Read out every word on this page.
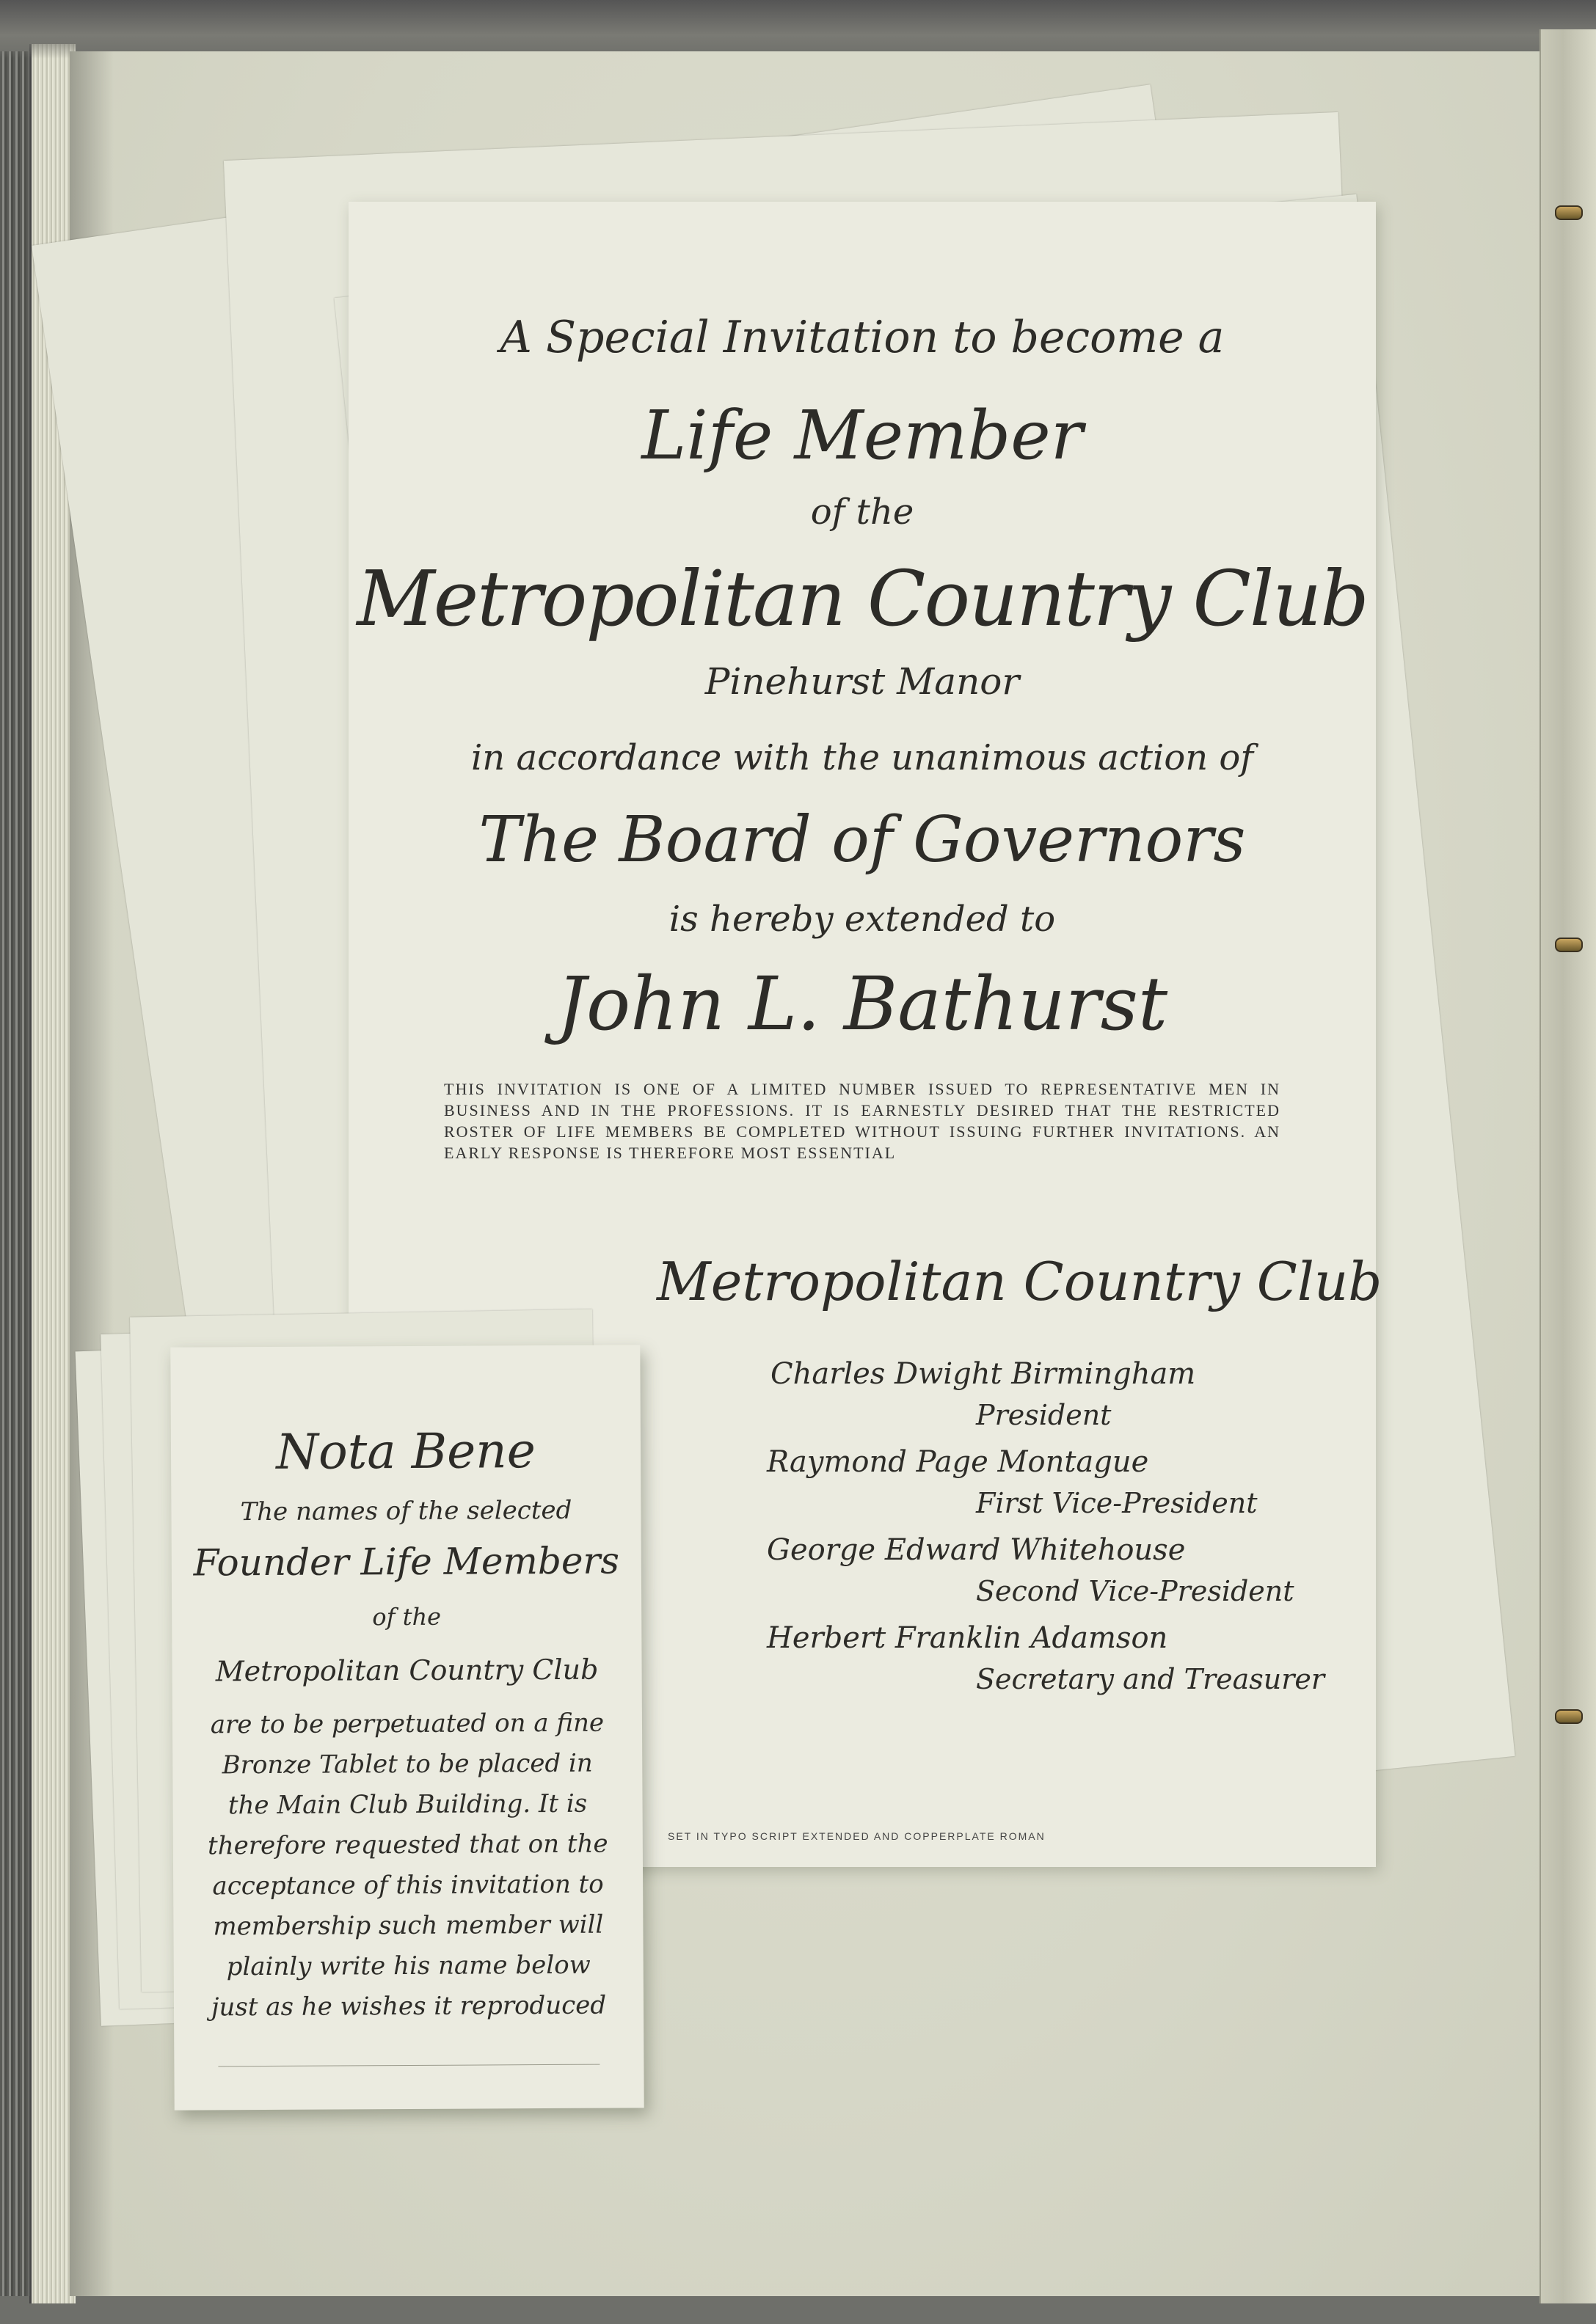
A Special Invitation to become a
Life Member
of the
Metropolitan Country Club
Pinehurst Manor
in accordance with the unanimous action of
The Board of Governors
is hereby extended to
John L. Bathurst
THIS INVITATION IS ONE OF A LIMITED NUMBER ISSUED TO REPRESENTATIVE MEN IN BUSINESS AND IN THE PROFESSIONS. IT IS EARNESTLY DESIRED THAT THE RESTRICTED ROSTER OF LIFE MEMBERS BE COMPLETED WITHOUT ISSUING FURTHER INVITATIONS. AN EARLY RESPONSE IS THEREFORE MOST ESSENTIAL
Metropolitan Country Club
Charles Dwight Birmingham
President
Raymond Page Montague
First Vice-President
George Edward Whitehouse
Second Vice-President
Herbert Franklin Adamson
Secretary and Treasurer
SET IN TYPO SCRIPT EXTENDED AND COPPERPLATE ROMAN
Nota Bene
The names of the selected
Founder Life Members
of the
Metropolitan Country Club
are to be perpetuated on a fine
Bronze Tablet to be placed in
the Main Club Building. It is
therefore requested that on the
acceptance of this invitation to
membership such member will
plainly write his name below
just as he wishes it reproduced
